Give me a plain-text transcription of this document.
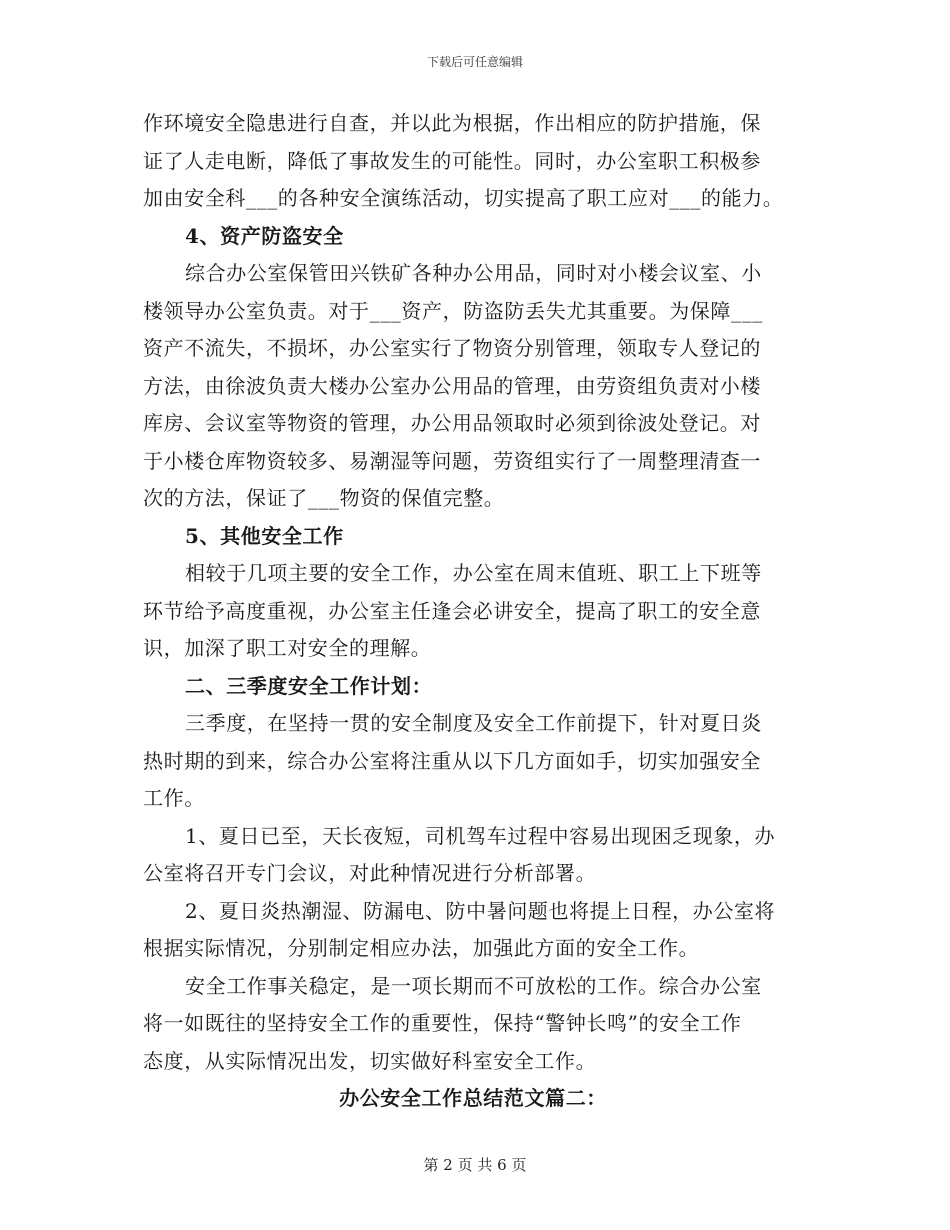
下载后可任意编辑
作环境安全隐患进行自查，并以此为根据，作出相应的防护措施，保
证了人走电断，降低了事故发生的可能性。同时，办公室职工积极参
加由安全科___的各种安全演练活动，切实提高了职工应对___的能力。
4、资产防盗安全
综合办公室保管田兴铁矿各种办公用品，同时对小楼会议室、小
楼领导办公室负责。对于___资产，防盗防丢失尤其重要。为保障___
资产不流失，不损坏，办公室实行了物资分别管理，领取专人登记的
方法，由徐波负责大楼办公室办公用品的管理，由劳资组负责对小楼
库房、会议室等物资的管理，办公用品领取时必须到徐波处登记。对
于小楼仓库物资较多、易潮湿等问题，劳资组实行了一周整理清查一
次的方法，保证了___物资的保值完整。
5、其他安全工作
相较于几项主要的安全工作，办公室在周末值班、职工上下班等
环节给予高度重视，办公室主任逢会必讲安全，提高了职工的安全意
识，加深了职工对安全的理解。
二、三季度安全工作计划：
三季度，在坚持一贯的安全制度及安全工作前提下，针对夏日炎
热时期的到来，综合办公室将注重从以下几方面如手，切实加强安全
工作。
1、夏日已至，天长夜短，司机驾车过程中容易出现困乏现象，办
公室将召开专门会议，对此种情况进行分析部署。
2、夏日炎热潮湿、防漏电、防中暑问题也将提上日程，办公室将
根据实际情况，分别制定相应办法，加强此方面的安全工作。
安全工作事关稳定，是一项长期而不可放松的工作。综合办公室
将一如既往的坚持安全工作的重要性，保持“警钟长鸣”的安全工作
态度，从实际情况出发，切实做好科室安全工作。
办公安全工作总结范文篇二：
第 2 页 共 6 页
